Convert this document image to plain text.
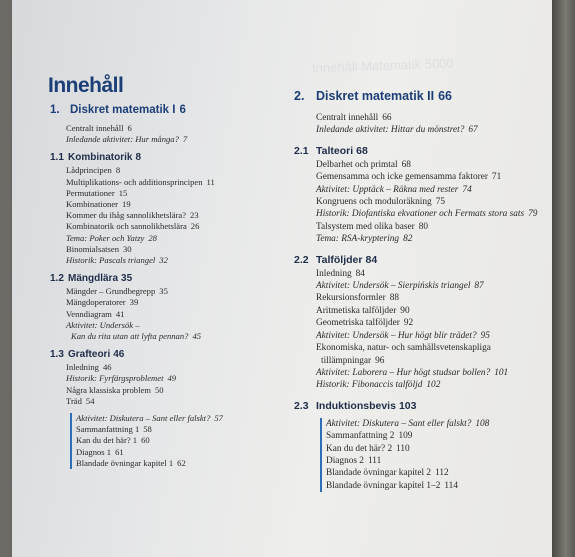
Innehåll Matematik 5000
Innehåll
1. Diskret matematik I 6
Centralt innehåll 6
Inledande aktivitet: Hur många? 7
1.1 Kombinatorik 8
Lådprincipen 8
Multiplikations- och additionsprincipen 11
Permutationer 15
Kombinationer 19
Kommer du ihåg sannolikhetslära? 23
Kombinatorik och sannolikhetslära 26
Tema: Poker och Yatzy 28
Binomialsatsen 30
Historik: Pascals triangel 32
1.2 Mängdlära 35
Mängder – Grundbegrepp 35
Mängdoperatorer 39
Venndiagram 41
Aktivitet: Undersök –
Kan du rita utan att lyfta pennan? 45
1.3 Grafteori 46
Inledning 46
Historik: Fyrfärgsproblemet 49
Några klassiska problem 50
Träd 54
Aktivitet: Diskutera – Sant eller falskt? 57
Sammanfattning 1 58
Kan du det här? 1 60
Diagnos 1 61
Blandade övningar kapitel 1 62
2. Diskret matematik II 66
Centralt innehåll 66
Inledande aktivitet: Hittar du mönstret? 67
2.1 Talteori 68
Delbarhet och primtal 68
Gemensamma och icke gemensamma faktorer 71
Aktivitet: Upptäck – Räkna med rester 74
Kongruens och moduloräkning 75
Historik: Diofantiska ekvationer och Fermats stora sats 79
Talsystem med olika baser 80
Tema: RSA-kryptering 82
2.2 Talföljder 84
Inledning 84
Aktivitet: Undersök – Sierpińskis triangel 87
Rekursionsformler 88
Aritmetiska talföljder 90
Geometriska talföljder 92
Aktivitet: Undersök – Hur högt blir trädet? 95
Ekonomiska, natur- och samhällsvetenskapliga
tillämpningar 96
Aktivitet: Laborera – Hur högt studsar bollen? 101
Historik: Fibonaccis talföljd 102
2.3 Induktionsbevis 103
Aktivitet: Diskutera – Sant eller falskt? 108
Sammanfattning 2 109
Kan du det här? 2 110
Diagnos 2 111
Blandade övningar kapitel 2 112
Blandade övningar kapitel 1–2 114
